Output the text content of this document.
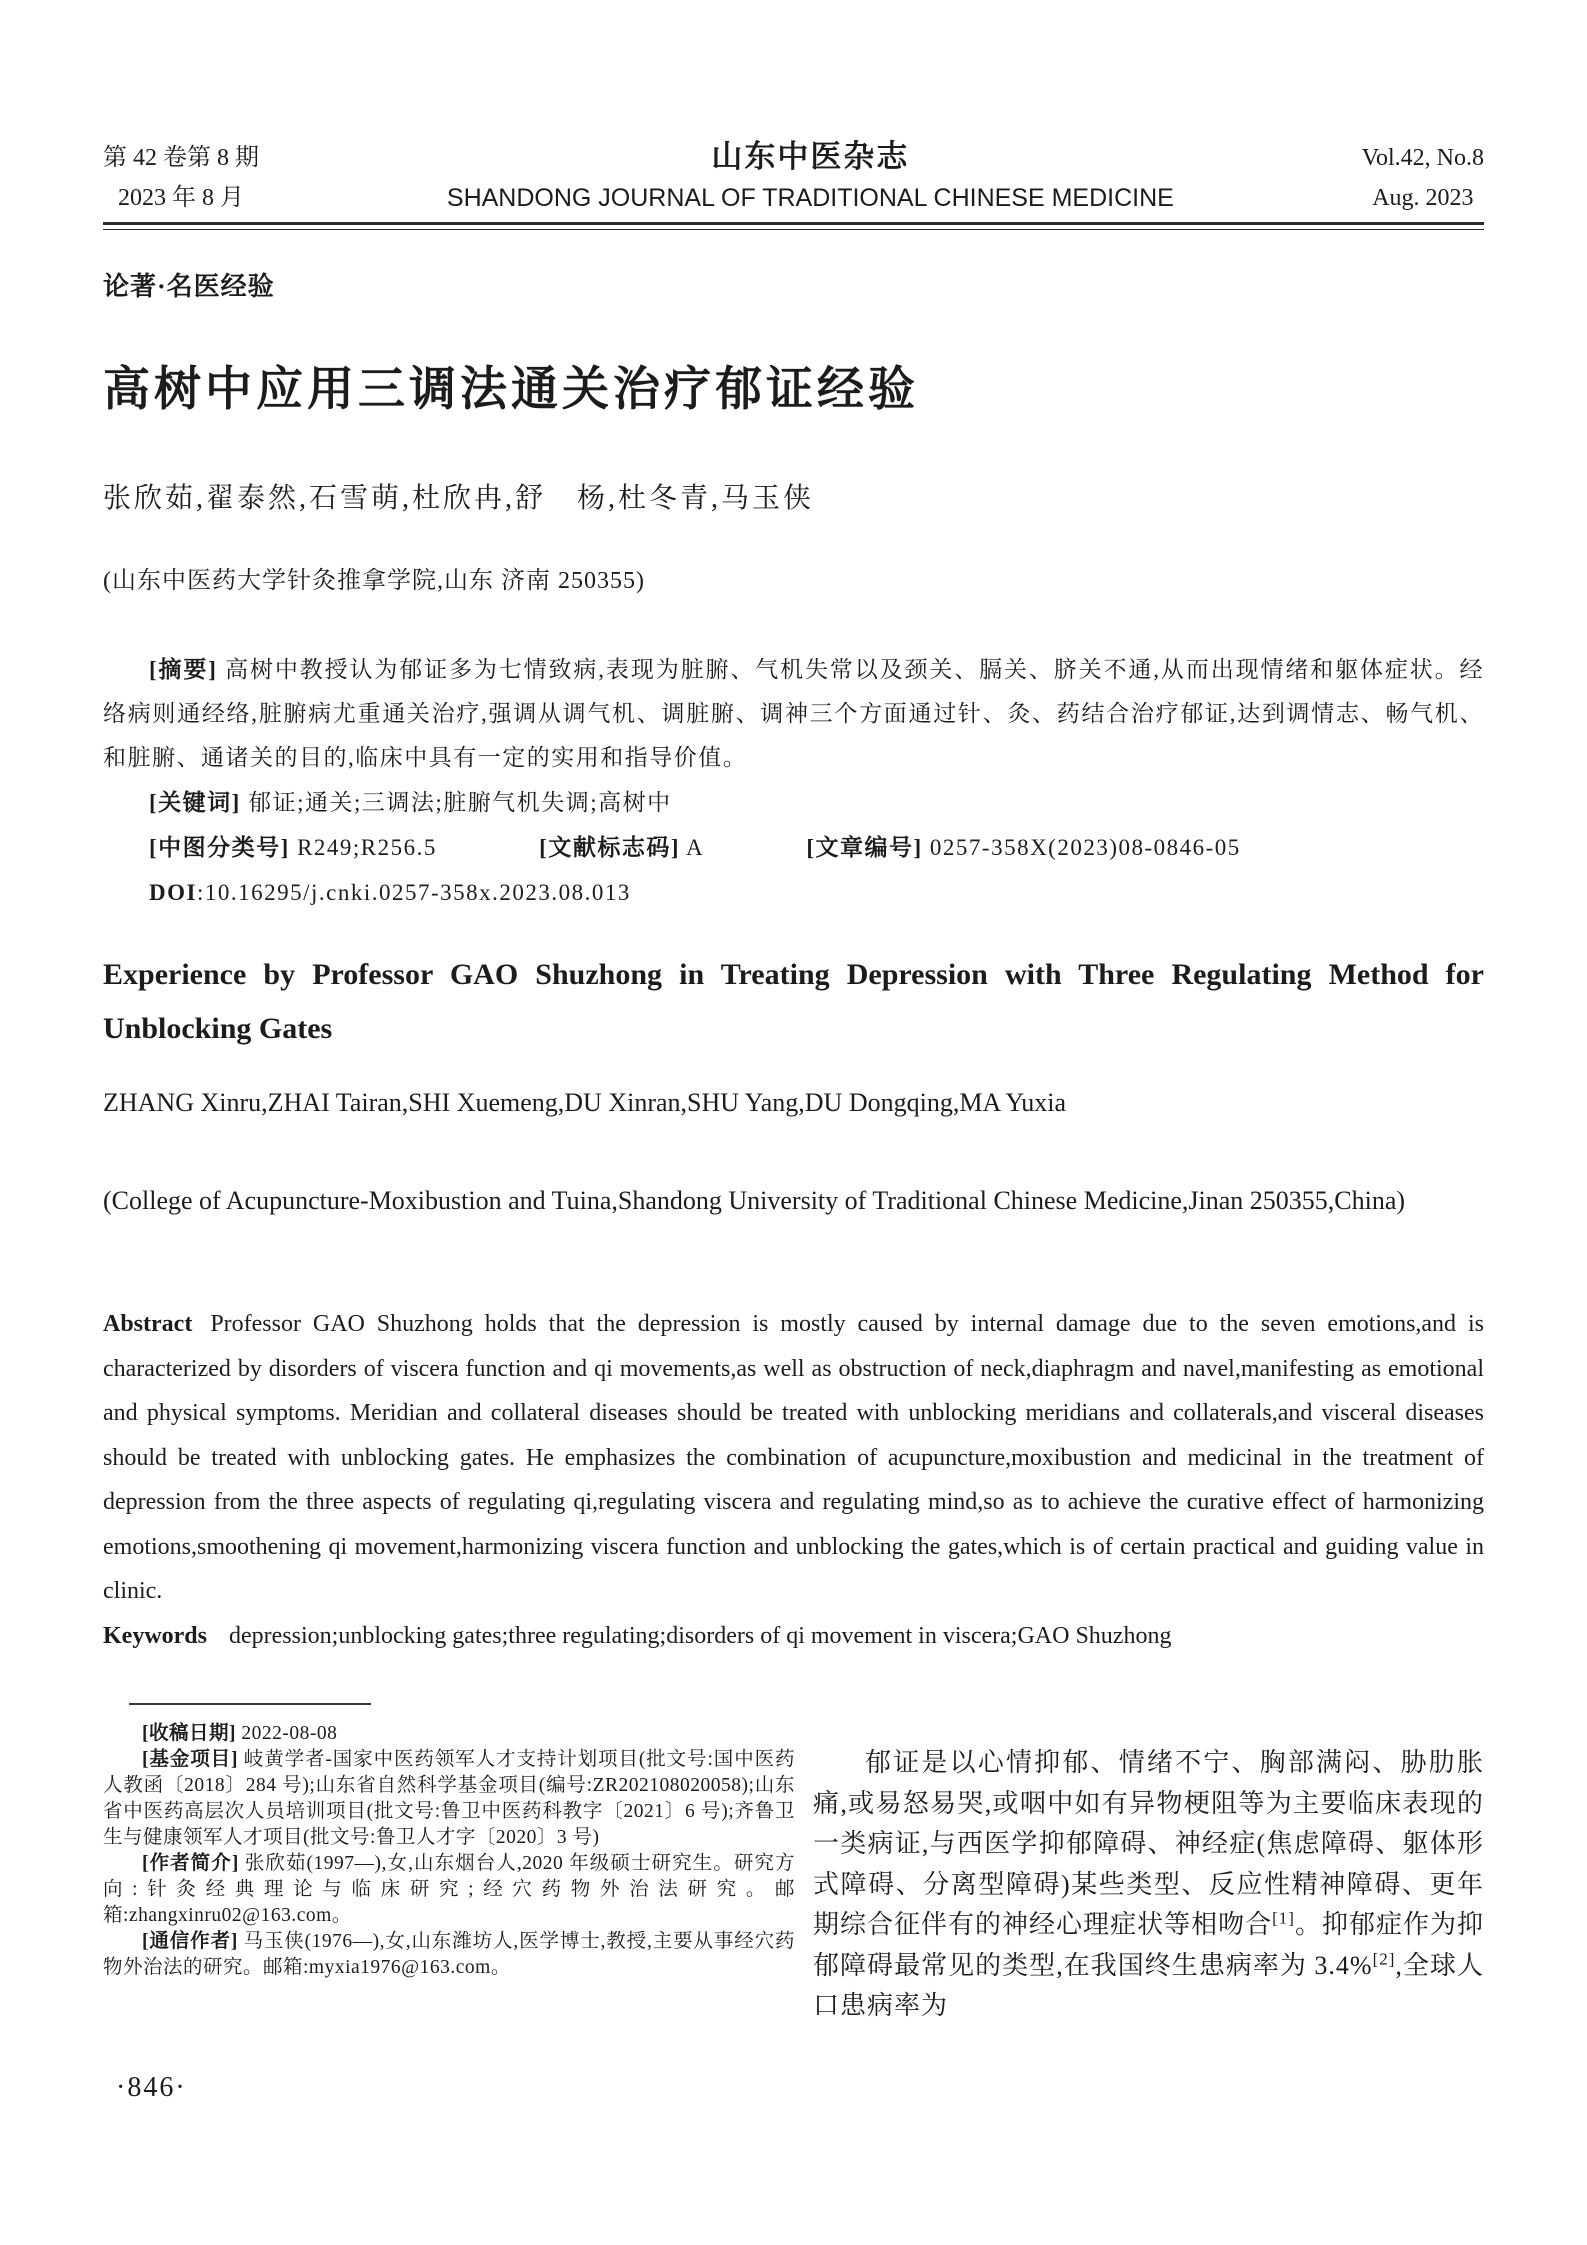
第 42 卷第 8 期
2023 年 8 月
山东中医杂志
SHANDONG JOURNAL OF TRADITIONAL CHINESE MEDICINE
Vol.42, No.8
Aug. 2023
论著·名医经验
高树中应用三调法通关治疗郁证经验
张欣茹,翟泰然,石雪萌,杜欣冉,舒　杨,杜冬青,马玉侠
(山东中医药大学针灸推拿学院,山东 济南 250355)

[摘要] 高树中教授认为郁证多为七情致病,表现为脏腑、气机失常以及颈关、膈关、脐关不通,从而出现情绪和躯体症状。经络病则通经络,脏腑病尤重通关治疗,强调从调气机、调脏腑、调神三个方面通过针、灸、药结合治疗郁证,达到调情志、畅气机、和脏腑、通诸关的目的,临床中具有一定的实用和指导价值。

[关键词] 郁证;通关;三调法;脏腑气机失调;高树中

[中图分类号] R249;R256.5	[文献标志码] A	[文章编号] 0257-358X(2023)08-0846-05

DOI:10.16295/j.cnki.0257-358x.2023.08.013

Experience by Professor GAO Shuzhong in Treating Depression with Three Regulating Method for Unblocking Gates
ZHANG Xinru,ZHAI Tairan,SHI Xuemeng,DU Xinran,SHU Yang,DU Dongqing,MA Yuxia
(College of Acupuncture-Moxibustion and Tuina,Shandong University of Traditional Chinese Medicine,Jinan 250355,China)

Abstract Professor GAO Shuzhong holds that the depression is mostly caused by internal damage due to the seven emotions,and is characterized by disorders of viscera function and qi movements,as well as obstruction of neck,diaphragm and navel,manifesting as emotional and physical symptoms. Meridian and collateral diseases should be treated with unblocking meridians and collaterals,and visceral diseases should be treated with unblocking gates. He emphasizes the combination of acupuncture,moxibustion and medicinal in the treatment of depression from the three aspects of regulating qi,regulating viscera and regulating mind,so as to achieve the curative effect of harmonizing emotions,smoothening qi movement,harmonizing viscera function and unblocking the gates,which is of certain practical and guiding value in clinic.

Keywords depression;unblocking gates;three regulating;disorders of qi movement in viscera;GAO Shuzhong

[收稿日期] 2022-08-08

[基金项目] 岐黄学者-国家中医药领军人才支持计划项目(批文号:国中医药人教函〔2018〕284 号);山东省自然科学基金项目(编号:ZR202108020058);山东省中医药高层次人员培训项目(批文号:鲁卫中医药科教字〔2021〕6 号);齐鲁卫生与健康领军人才项目(批文号:鲁卫人才字〔2020〕3 号)

[作者简介] 张欣茹(1997—),女,山东烟台人,2020 年级硕士研究生。研究方向:针灸经典理论与临床研究;经穴药物外治法研究。邮箱:zhangxinru02@163.com。

[通信作者] 马玉侠(1976—),女,山东潍坊人,医学博士,教授,主要从事经穴药物外治法的研究。邮箱:myxia1976@163.com。

郁证是以心情抑郁、情绪不宁、胸部满闷、胁肋胀痛,或易怒易哭,或咽中如有异物梗阻等为主要临床表现的一类病证,与西医学抑郁障碍、神经症(焦虑障碍、躯体形式障碍、分离型障碍)某些类型、反应性精神障碍、更年期综合征伴有的神经心理症状等相吻合[1]。抑郁症作为抑郁障碍最常见的类型,在我国终生患病率为 3.4%[2],全球人口患病率为

·846·
